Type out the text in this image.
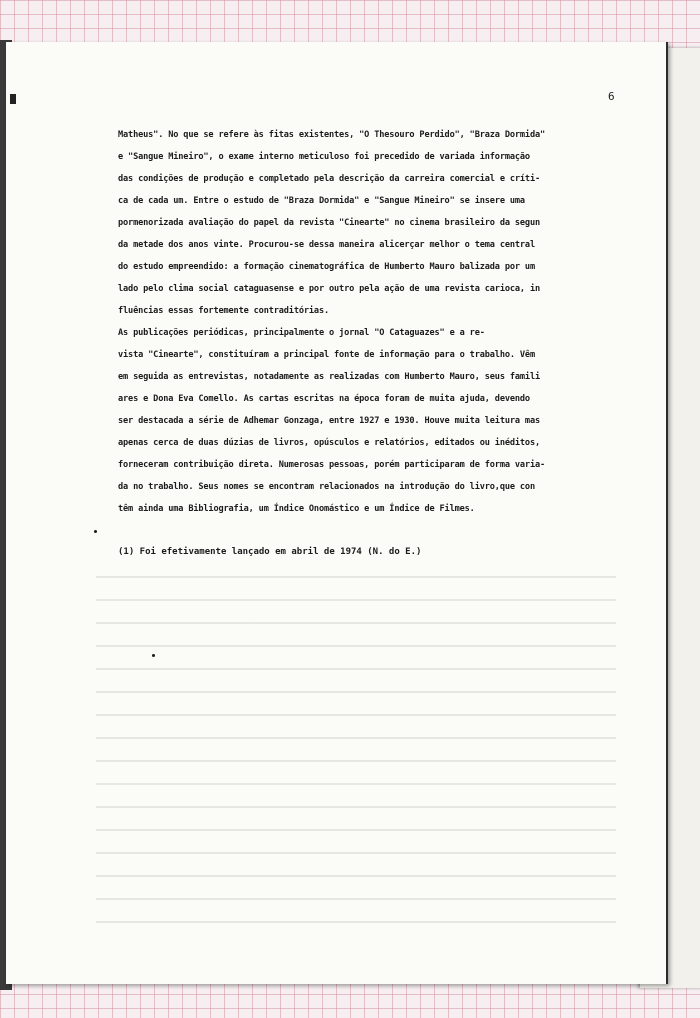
6
Matheus". No que se refere às fitas existentes, "O Thesouro Perdido", "Braza Dormida"
e "Sangue Mineiro", o exame interno meticuloso foi precedido de variada informação
das condições de produção e completado pela descrição da carreira comercial e críti-
ca de cada um. Entre o estudo de "Braza Dormida" e "Sangue Mineiro" se insere uma
pormenorizada avaliação do papel da revista "Cinearte" no cinema brasileiro da segun
da metade dos anos vinte. Procurou-se dessa maneira alicerçar melhor o tema central
do estudo empreendido: a formação cinematográfica de Humberto Mauro balizada por um
lado pelo clima social cataguasense e por outro pela ação de uma revista carioca, in
fluências essas fortemente contraditórias.
As publicações periódicas, principalmente o jornal "O Cataguazes" e a re-
vista "Cinearte", constituíram a principal fonte de informação para o trabalho. Vêm
em seguida as entrevistas, notadamente as realizadas com Humberto Mauro, seus famili
ares e Dona Eva Comello. As cartas escritas na época foram de muita ajuda, devendo
ser destacada a série de Adhemar Gonzaga, entre 1927 e 1930. Houve muita leitura mas
apenas cerca de duas dúzias de livros, opúsculos e relatórios, editados ou inéditos,
forneceram contribuição direta. Numerosas pessoas, porém participaram de forma varia-
da no trabalho. Seus nomes se encontram relacionados na introdução do livro,que con
têm ainda uma Bibliografia, um Índice Onomástico e um Índice de Filmes.
(1) Foi efetivamente lançado em abril de 1974 (N. do E.)
